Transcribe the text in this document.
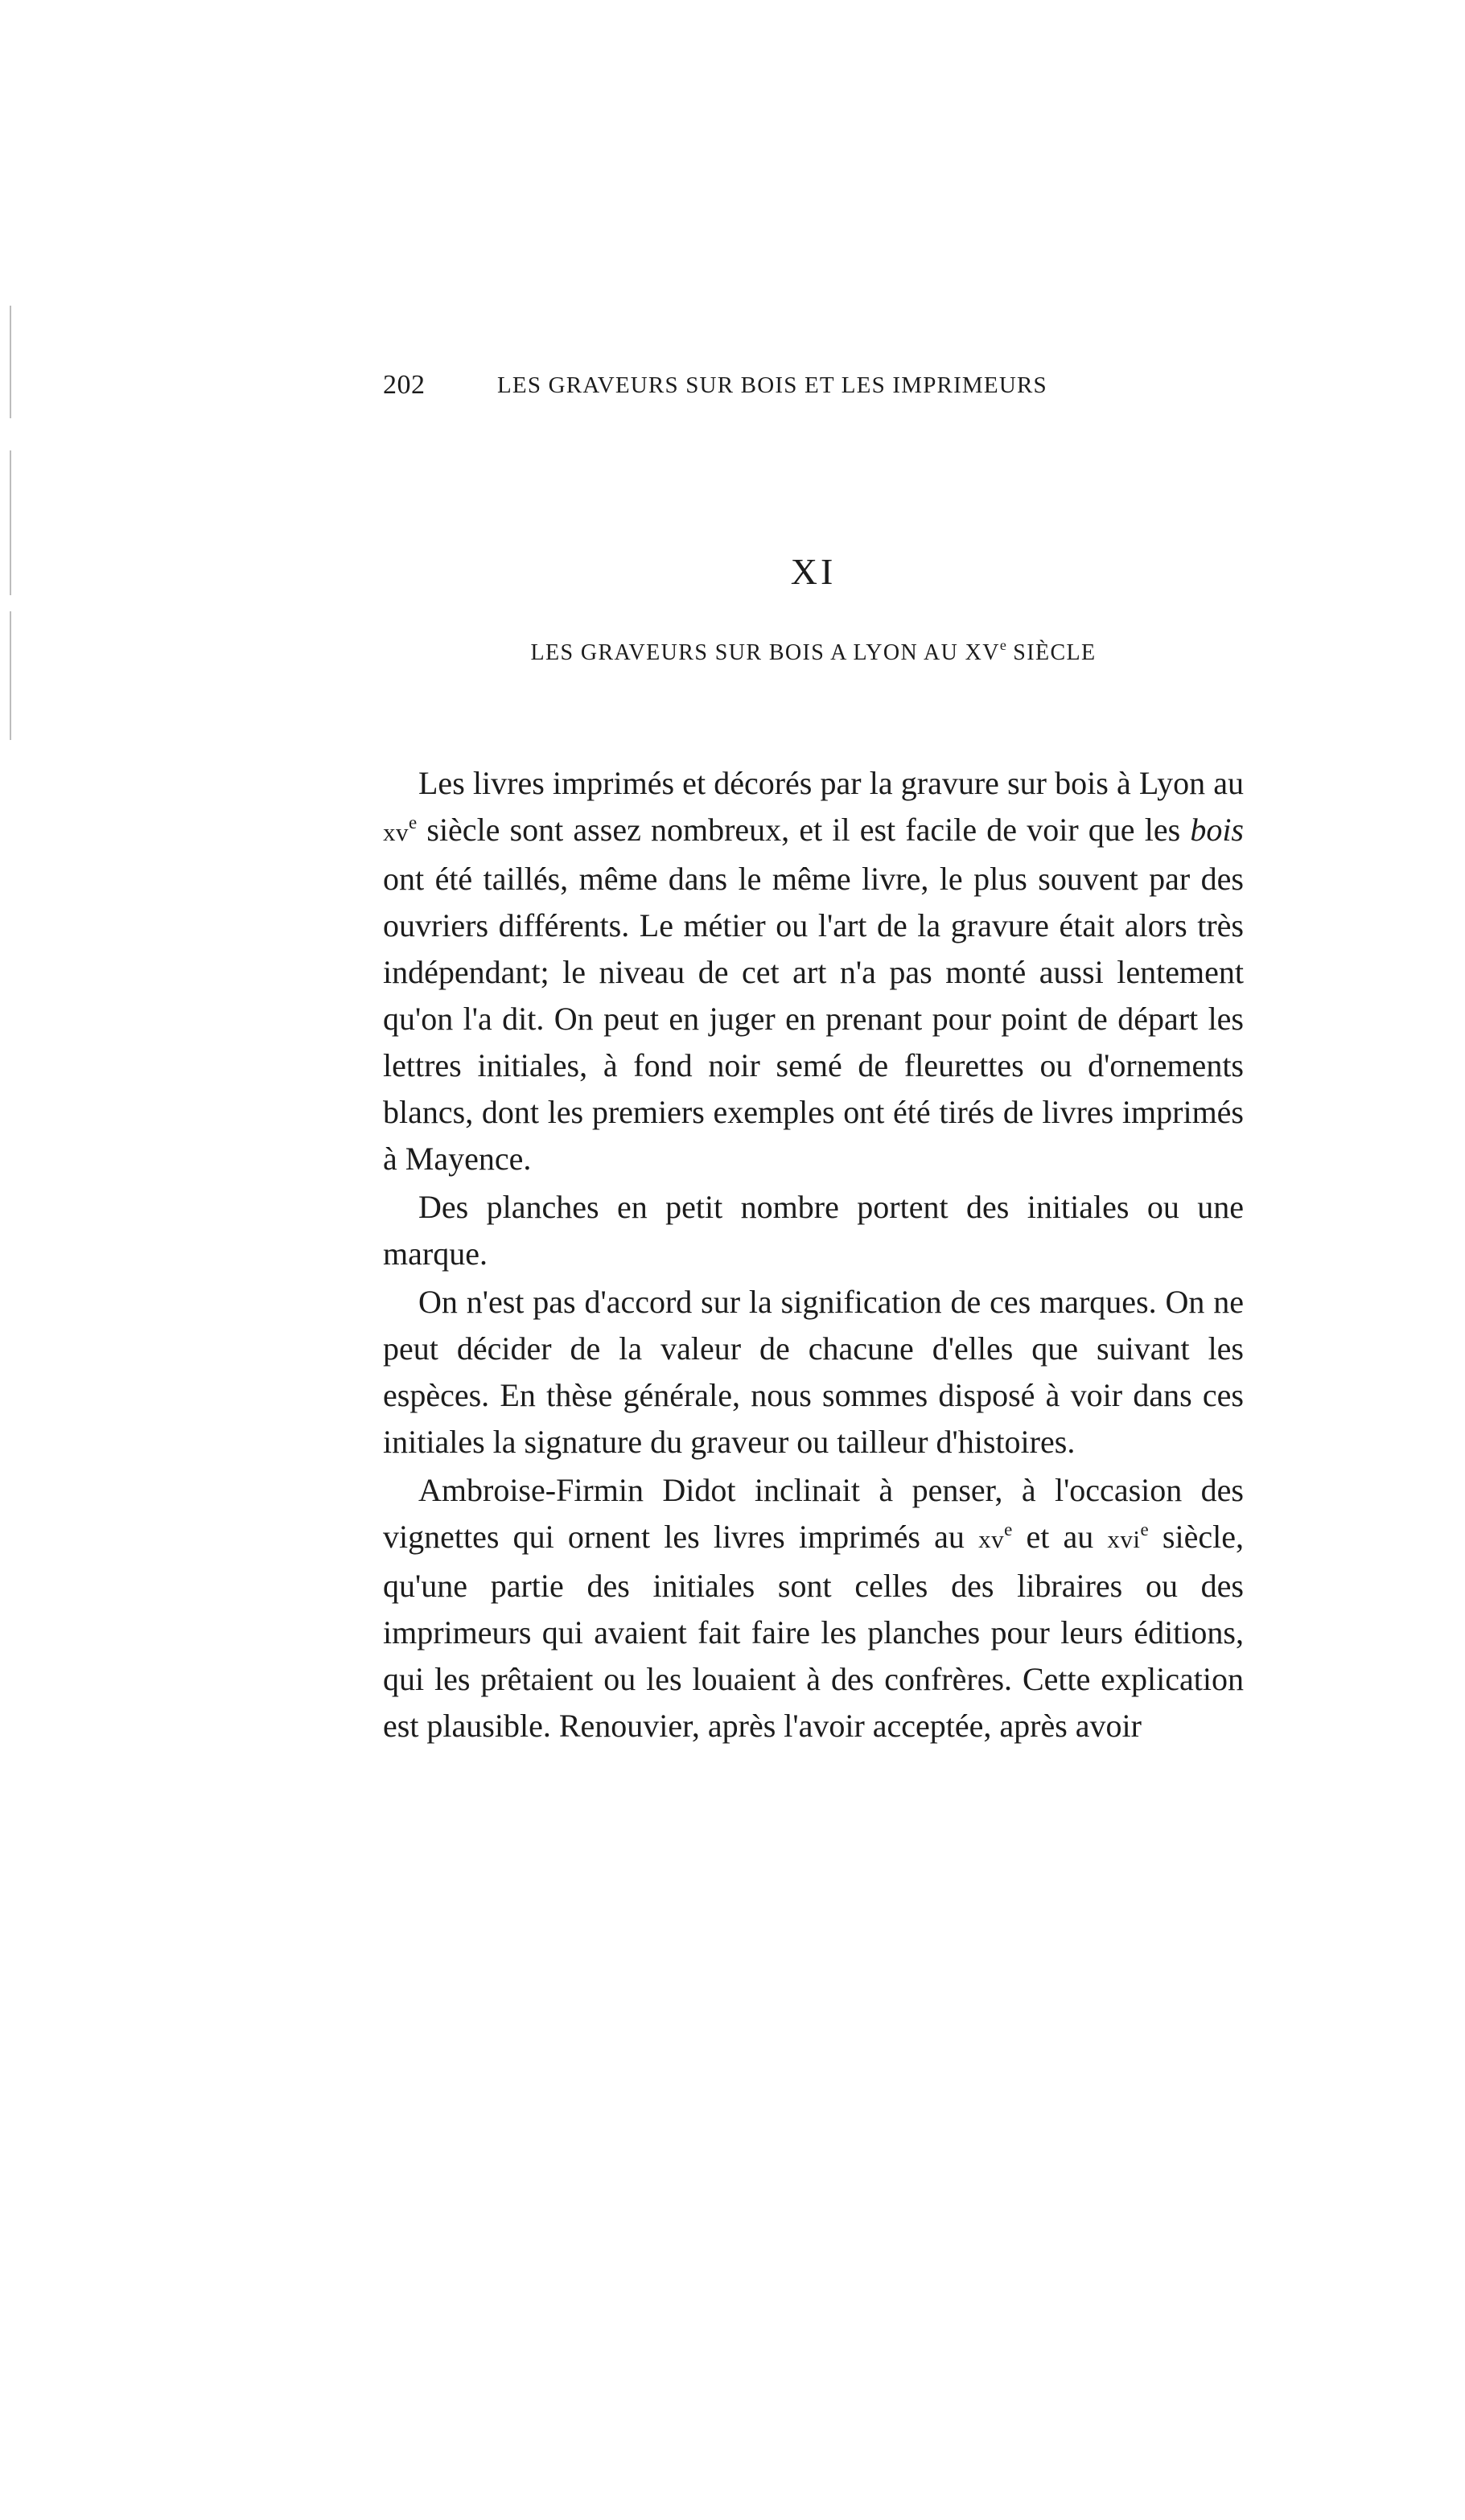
202	LES GRAVEURS SUR BOIS ET LES IMPRIMEURS
XI
LES GRAVEURS SUR BOIS A LYON AU XVe SIÈCLE

Les livres imprimés et décorés par la gravure sur bois à Lyon au $xv^e$ siècle sont assez nombreux, et il est facile de voir que les bois ont été taillés, même dans le même livre, le plus souvent par des ouvriers différents. Le métier ou l'art de la gravure était alors très indépendant; le niveau de cet art n'a pas monté aussi lentement qu'on l'a dit. On peut en juger en prenant pour point de départ les lettres initiales, à fond noir semé de fleurettes ou d'ornements blancs, dont les premiers exemples ont été tirés de livres imprimés à Mayence.

Des planches en petit nombre portent des initiales ou une marque.

On n'est pas d'accord sur la signification de ces marques. On ne peut décider de la valeur de chacune d'elles que suivant les espèces. En thèse générale, nous sommes disposé à voir dans ces initiales la signature du graveur ou tailleur d'histoires.

Ambroise-Firmin Didot inclinait à penser, à l'occasion des vignettes qui ornent les livres imprimés au $xv^e$ et au xvi$^e$ siècle, qu'une partie des initiales sont celles des libraires ou des imprimeurs qui avaient fait faire les planches pour leurs éditions, qui les prêtaient ou les louaient à des confrères. Cette explication est plausible. Renouvier, après l'avoir acceptée, après avoir
